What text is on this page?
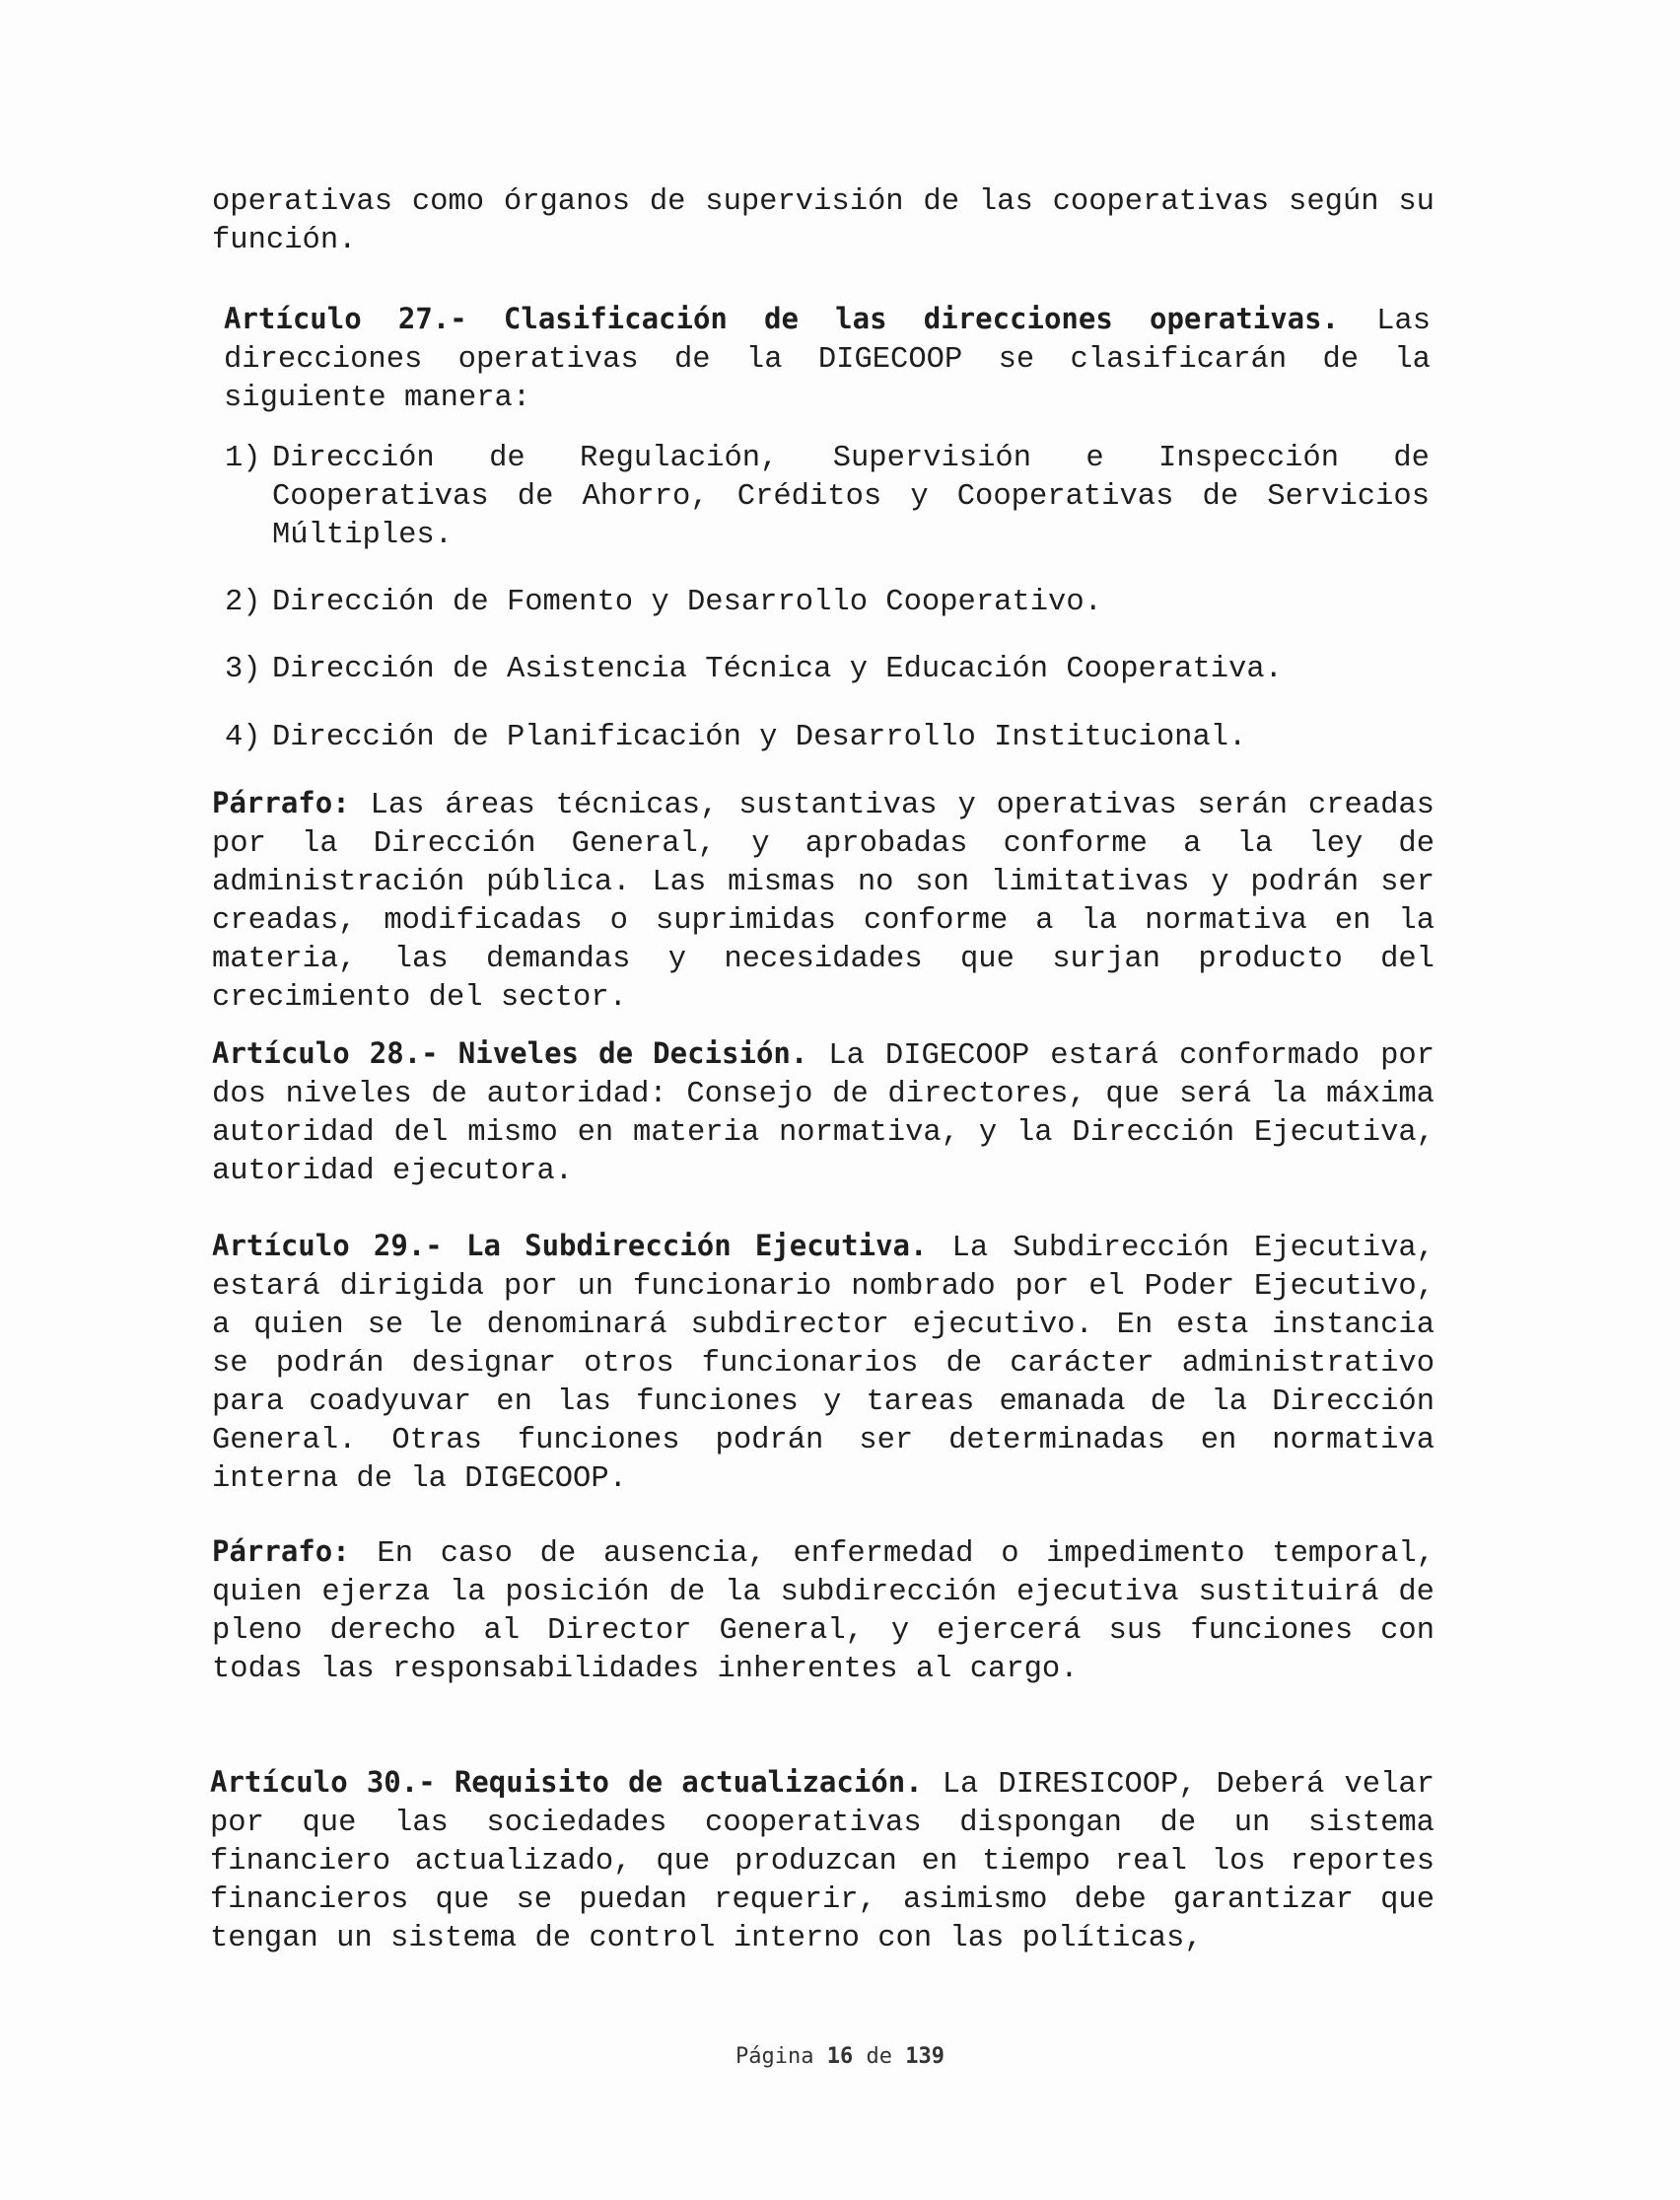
operativas como órganos de supervisión de las cooperativas según su función.
Artículo 27.- Clasificación de las direcciones operativas. Las direcciones operativas de la DIGECOOP se clasificarán de la siguiente manera:
1) Dirección de Regulación, Supervisión e Inspección de Cooperativas de Ahorro, Créditos y Cooperativas de Servicios Múltiples.
2) Dirección de Fomento y Desarrollo Cooperativo.
3) Dirección de Asistencia Técnica y Educación Cooperativa.
4) Dirección de Planificación y Desarrollo Institucional.
Párrafo: Las áreas técnicas, sustantivas y operativas serán creadas por la Dirección General, y aprobadas conforme a la ley de administración pública. Las mismas no son limitativas y podrán ser creadas, modificadas o suprimidas conforme a la normativa en la materia, las demandas y necesidades que surjan producto del crecimiento del sector.
Artículo 28.- Niveles de Decisión. La DIGECOOP estará conformado por dos niveles de autoridad: Consejo de directores, que será la máxima autoridad del mismo en materia normativa, y la Dirección Ejecutiva, autoridad ejecutora.
Artículo 29.- La Subdirección Ejecutiva. La Subdirección Ejecutiva, estará dirigida por un funcionario nombrado por el Poder Ejecutivo, a quien se le denominará subdirector ejecutivo. En esta instancia se podrán designar otros funcionarios de carácter administrativo para coadyuvar en las funciones y tareas emanada de la Dirección General. Otras funciones podrán ser determinadas en normativa interna de la DIGECOOP.
Párrafo: En caso de ausencia, enfermedad o impedimento temporal, quien ejerza la posición de la subdirección ejecutiva sustituirá de pleno derecho al Director General, y ejercerá sus funciones con todas las responsabilidades inherentes al cargo.
Artículo 30.- Requisito de actualización. La DIRESICOOP, Deberá velar por que las sociedades cooperativas dispongan de un sistema financiero actualizado, que produzcan en tiempo real los reportes financieros que se puedan requerir, asimismo debe garantizar que tengan un sistema de control interno con las políticas,
Página 16 de 139
